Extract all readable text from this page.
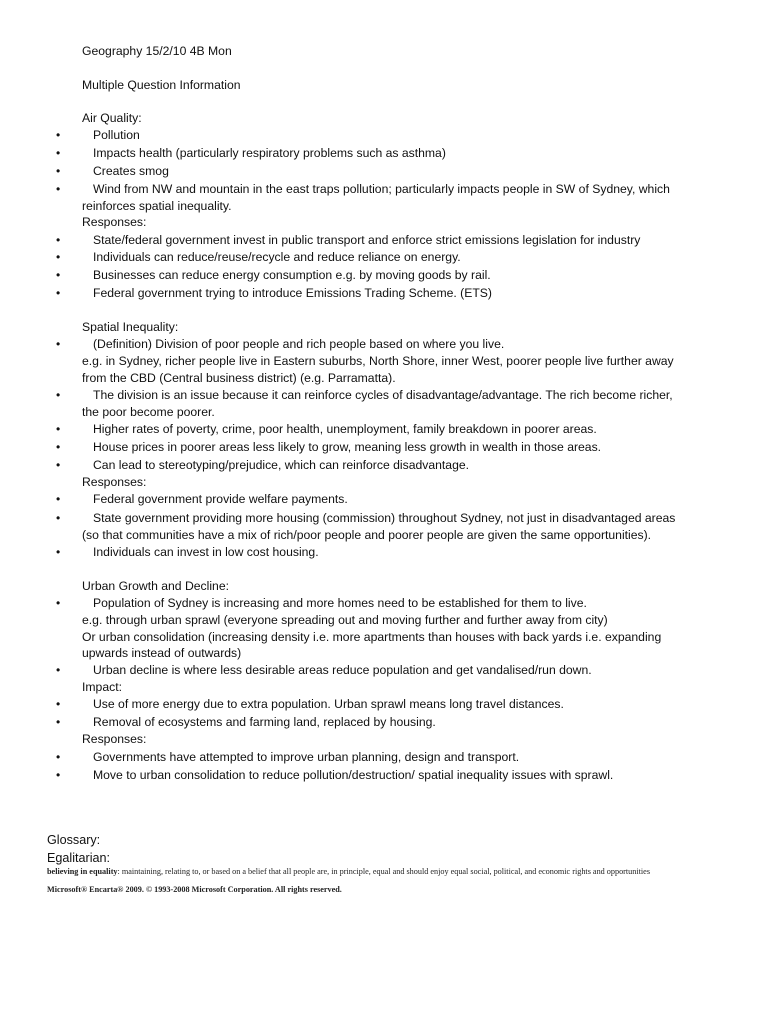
Geography 15/2/10 4B Mon
Multiple Question Information
Air Quality:
•	Pollution
•	Impacts health (particularly respiratory problems such as asthma)
•	Creates smog
•	Wind from NW and mountain in the east traps pollution; particularly impacts people in SW of Sydney, which
reinforces spatial inequality.
Responses:
•	State/federal government invest in public transport and enforce strict emissions legislation for industry
•	Individuals can reduce/reuse/recycle and reduce reliance on energy.
•	Businesses can reduce energy consumption e.g. by moving goods by rail.
•	Federal government trying to introduce Emissions Trading Scheme. (ETS)
Spatial Inequality:
•	(Definition) Division of poor people and rich people based on where you live.
e.g. in Sydney, richer people live in Eastern suburbs, North Shore, inner West, poorer people live further away
from the CBD (Central business district) (e.g. Parramatta).
•	The division is an issue because it can reinforce cycles of disadvantage/advantage. The rich become richer,
the poor become poorer.
•	Higher rates of poverty, crime, poor health, unemployment, family breakdown in poorer areas.
•	House prices in poorer areas less likely to grow, meaning less growth in wealth in those areas.
•	Can lead to stereotyping/prejudice, which can reinforce disadvantage.
Responses:
•	Federal government provide welfare payments.
•	State government providing more housing (commission) throughout Sydney, not just in disadvantaged areas
(so that communities have a mix of rich/poor people and poorer people are given the same opportunities).
•	Individuals can invest in low cost housing.
Urban Growth and Decline:
•	Population of Sydney is increasing and more homes need to be established for them to live.
e.g. through urban sprawl (everyone spreading out and moving further and further away from city)
Or urban consolidation (increasing density i.e. more apartments than houses with back yards i.e. expanding
upwards instead of outwards)
•	Urban decline is where less desirable areas reduce population and get vandalised/run down.
Impact:
•	Use of more energy due to extra population. Urban sprawl means long travel distances.
•	Removal of ecosystems and farming land, replaced by housing.
Responses:
•	Governments have attempted to improve urban planning, design and transport.
•	Move to urban consolidation to reduce pollution/destruction/ spatial inequality issues with sprawl.
Glossary:
Egalitarian:
believing in equality: maintaining, relating to, or based on a belief that all people are, in principle, equal and should enjoy equal social, political, and economic rights and opportunities
Microsoft® Encarta® 2009. © 1993-2008 Microsoft Corporation. All rights reserved.
